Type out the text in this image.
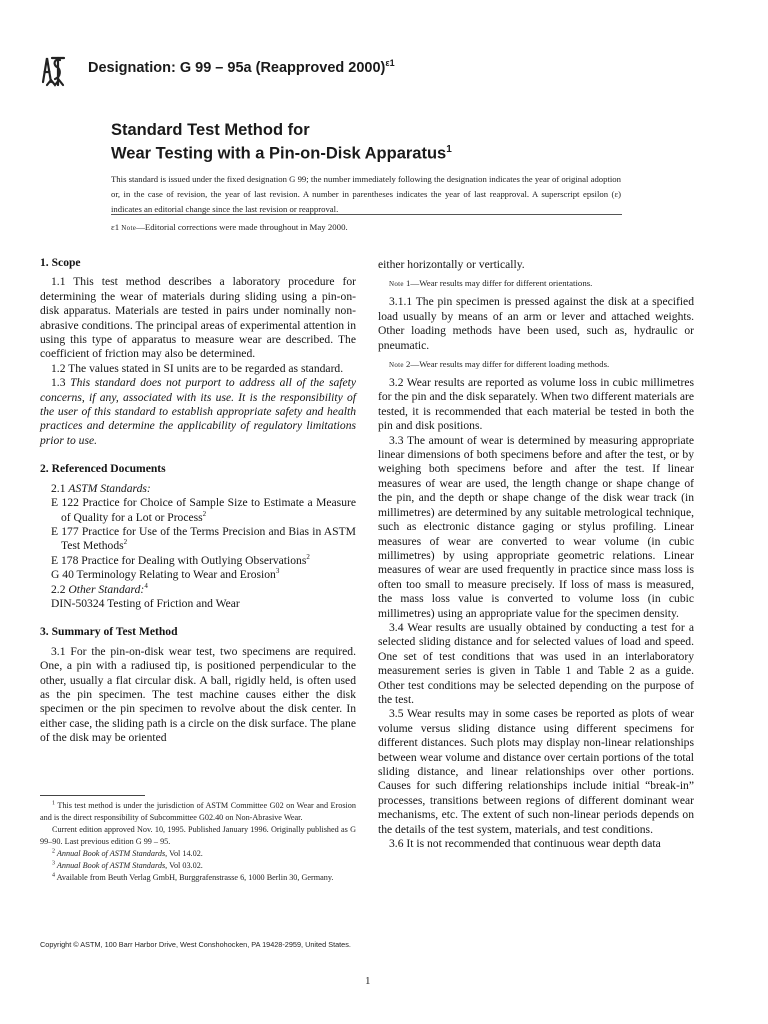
Designation: G 99 – 95a (Reapproved 2000)$^{\varepsilon 1}$
Standard Test Method for
Wear Testing with a Pin-on-Disk Apparatus$^1$
This standard is issued under the fixed designation G 99; the number immediately following the designation indicates the year of original adoption or, in the case of revision, the year of last revision. A number in parentheses indicates the year of last reapproval. A superscript epsilon (ε) indicates an editorial change since the last revision or reapproval.
ε1 Note—Editorial corrections were made throughout in May 2000.

1. Scope

1.1 This test method describes a laboratory procedure for determining the wear of materials during sliding using a pin-on-disk apparatus. Materials are tested in pairs under nominally non-abrasive conditions. The principal areas of experimental attention in using this type of apparatus to measure wear are described. The coefficient of friction may also be determined.

1.2 The values stated in SI units are to be regarded as standard.

1.3 This standard does not purport to address all of the safety concerns, if any, associated with its use. It is the responsibility of the user of this standard to establish appropriate safety and health practices and determine the applicability of regulatory limitations prior to use.

2. Referenced Documents

2.1 ASTM Standards:

E 122 Practice for Choice of Sample Size to Estimate a Measure of Quality for a Lot or Process$^2$

E 177 Practice for Use of the Terms Precision and Bias in ASTM Test Methods$^2$

E 178 Practice for Dealing with Outlying Observations$^2$

G 40 Terminology Relating to Wear and Erosion$^3$

2.2 Other Standard:$^4$

DIN-50324 Testing of Friction and Wear

3. Summary of Test Method

3.1 For the pin-on-disk wear test, two specimens are required. One, a pin with a radiused tip, is positioned perpendicular to the other, usually a flat circular disk. A ball, rigidly held, is often used as the pin specimen. The test machine causes either the disk specimen or the pin specimen to revolve about the disk center. In either case, the sliding path is a circle on the disk surface. The plane of the disk may be oriented

either horizontally or vertically.

Note 1—Wear results may differ for different orientations.

3.1.1 The pin specimen is pressed against the disk at a specified load usually by means of an arm or lever and attached weights. Other loading methods have been used, such as, hydraulic or pneumatic.

Note 2—Wear results may differ for different loading methods.

3.2 Wear results are reported as volume loss in cubic millimetres for the pin and the disk separately. When two different materials are tested, it is recommended that each material be tested in both the pin and disk positions.

3.3 The amount of wear is determined by measuring appropriate linear dimensions of both specimens before and after the test, or by weighing both specimens before and after the test. If linear measures of wear are used, the length change or shape change of the pin, and the depth or shape change of the disk wear track (in millimetres) are determined by any suitable metrological technique, such as electronic distance gaging or stylus profiling. Linear measures of wear are converted to wear volume (in cubic millimetres) by using appropriate geometric relations. Linear measures of wear are used frequently in practice since mass loss is often too small to measure precisely. If loss of mass is measured, the mass loss value is converted to volume loss (in cubic millimetres) using an appropriate value for the specimen density.

3.4 Wear results are usually obtained by conducting a test for a selected sliding distance and for selected values of load and speed. One set of test conditions that was used in an interlaboratory measurement series is given in Table 1 and Table 2 as a guide. Other test conditions may be selected depending on the purpose of the test.

3.5 Wear results may in some cases be reported as plots of wear volume versus sliding distance using different specimens for different distances. Such plots may display non-linear relationships between wear volume and distance over certain portions of the total sliding distance, and linear relationships over other portions. Causes for such differing relationships include initial “break-in” processes, transitions between regions of different dominant wear mechanisms, etc. The extent of such non-linear periods depends on the details of the test system, materials, and test conditions.

3.6 It is not recommended that continuous wear depth data

$^1$ This test method is under the jurisdiction of ASTM Committee G02 on Wear and Erosion and is the direct responsibility of Subcommittee G02.40 on Non-Abrasive Wear.

Current edition approved Nov. 10, 1995. Published January 1996. Originally published as G 99–90. Last previous edition G 99 – 95.

$^2$ Annual Book of ASTM Standards, Vol 14.02.

$^3$ Annual Book of ASTM Standards, Vol 03.02.

$^4$ Available from Beuth Verlag GmbH, Burggrafenstrasse 6, 1000 Berlin 30, Germany.

Copyright © ASTM, 100 Barr Harbor Drive, West Conshohocken, PA 19428-2959, United States.
1
